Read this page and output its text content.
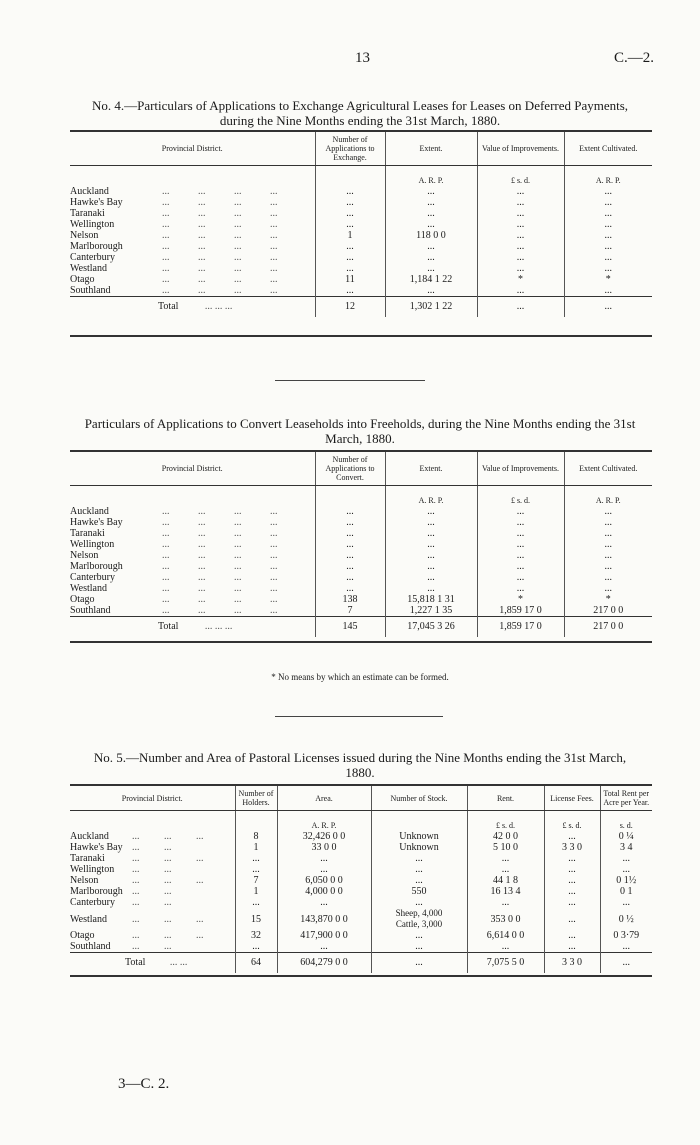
13	C.—2.
No. 4.—Particulars of Applications to Exchange Agricultural Leases for Leases on Deferred Payments, during the Nine Months ending the 31st March, 1880.
Provincial District.	Number of Applications to Exchange.	Extent.	Value of Improvements.	Extent Cultivated.
		A. R. P.	£ s. d.	A. R. P.
Auckland ... ... ... ...	...	...	...	...
Hawke's Bay ... ... ... ...	...	...	...	...
Taranaki ... ... ... ...	...	...	...	...
Wellington ... ... ... ...	...	...	...	...
Nelson ... ... ... ...	1	118 0 0	...	...
Marlborough ... ... ... ...	...	...	...	...
Canterbury ... ... ... ...	...	...	...	...
Westland ... ... ... ...	...	...	...	...
Otago ... ... ... ...	11	1,184 1 22	*	*
Southland ... ... ... ...	...	...	...	...
Total ... ... ...	12	1,302 1 22	...	...

Particulars of Applications to Convert Leaseholds into Freeholds, during the Nine Months ending the 31st March, 1880.
Provincial District.	Number of Applications to Convert.	Extent.	Value of Improvements.	Extent Cultivated.
		A. R. P.	£ s. d.	A. R. P.
Auckland ... ... ... ...	...	...	...	...
Hawke's Bay ... ... ... ...	...	...	...	...
Taranaki ... ... ... ...	...	...	...	...
Wellington ... ... ... ...	...	...	...	...
Nelson ... ... ... ...	...	...	...	...
Marlborough ... ... ... ...	...	...	...	...
Canterbury ... ... ... ...	...	...	...	...
Westland ... ... ... ...	...	...	...	...
Otago ... ... ... ...	138	15,818 1 31	*	*
Southland ... ... ... ...	7	1,227 1 35	1,859 17 0	217 0 0
Total ... ... ...	145	17,045 3 26	1,859 17 0	217 0 0

* No means by which an estimate can be formed.
No. 5.—Number and Area of Pastoral Licenses issued during the Nine Months ending the 31st March, 1880.
Provincial District.	Number of Holders.	Area.	Number of Stock.	Rent.	License Fees.	Total Rent per Acre per Year.
		A. R. P.		£ s. d.	£ s. d.	s. d.
Auckland ... ... ...	8	32,426 0 0	Unknown	42 0 0	...	0 ¼
Hawke's Bay ... ...	1	33 0 0	Unknown	5 10 0	3 3 0	3 4
Taranaki ... ... ...	...	...	...	...	...	...
Wellington ... ...	...	...	...	...	...	...
Nelson ... ... ...	7	6,050 0 0	...	44 1 8	...	0 1½
Marlborough ... ...	1	4,000 0 0	550	16 13 4	...	0 1
Canterbury ... ...	...	...	...	...	...	...
Westland ... ... ...	15	143,870 0 0	Sheep, 4,000
Cattle, 3,000	353 0 0	...	0 ½
Otago ... ... ...	32	417,900 0 0	...	6,614 0 0	...	0 3·79
Southland ... ...	...	...	...	...	...	...
Total ... ...	64	604,279 0 0	...	7,075 5 0	3 3 0	...

3—C. 2.
